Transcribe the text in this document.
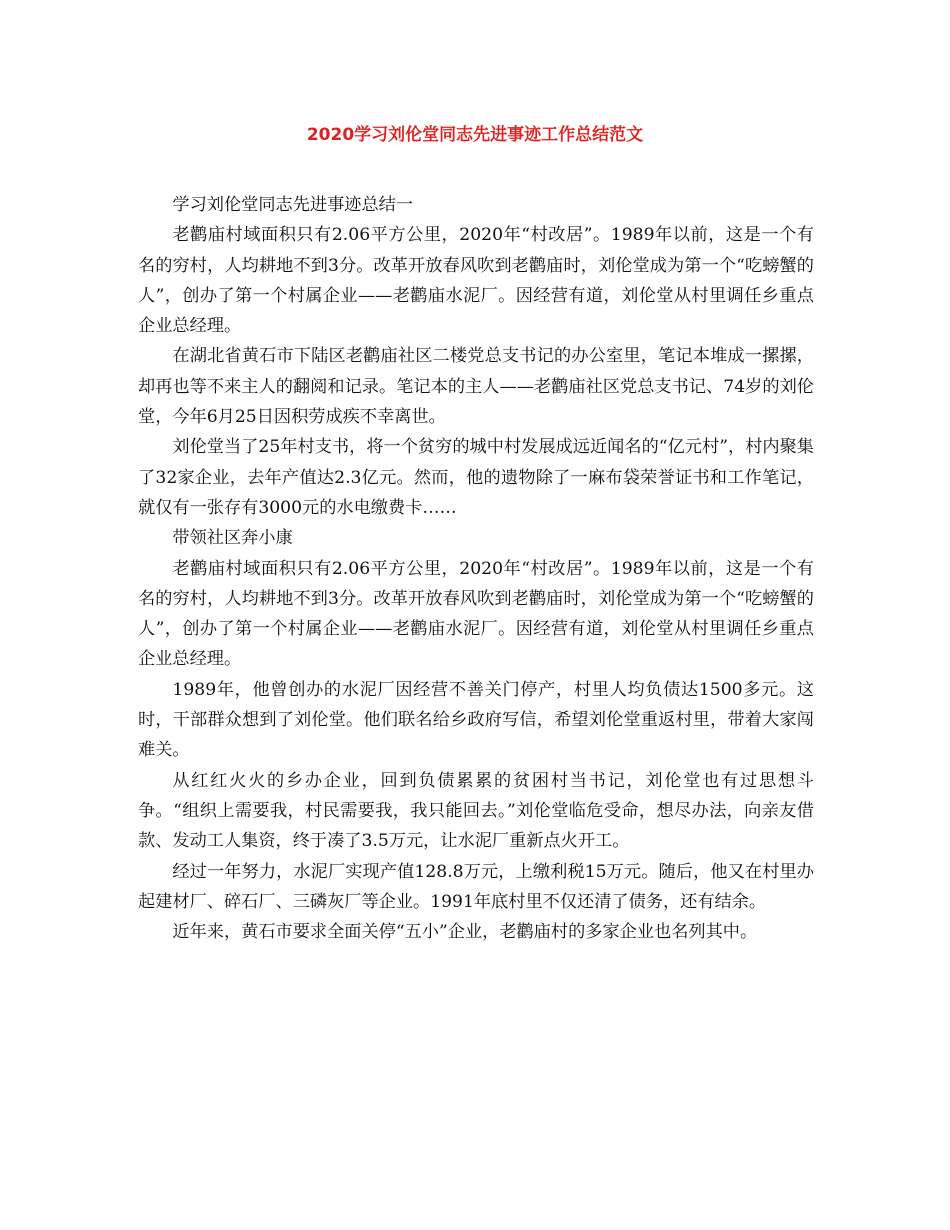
2020学习刘伦堂同志先进事迹工作总结范文

学习刘伦堂同志先进事迹总结一

老鹳庙村域面积只有2.06平方公里，2020年“村改居”。1989年以前，这是一个有名的穷村，人均耕地不到3分。改革开放春风吹到老鹳庙时，刘伦堂成为第一个“吃螃蟹的人”，创办了第一个村属企业——老鹳庙水泥厂。因经营有道，刘伦堂从村里调任乡重点企业总经理。

在湖北省黄石市下陆区老鹳庙社区二楼党总支书记的办公室里，笔记本堆成一摞摞，却再也等不来主人的翻阅和记录。笔记本的主人——老鹳庙社区党总支书记、74岁的刘伦堂，今年6月25日因积劳成疾不幸离世。

刘伦堂当了25年村支书，将一个贫穷的城中村发展成远近闻名的“亿元村”，村内聚集了32家企业，去年产值达2.3亿元。然而，他的遗物除了一麻布袋荣誉证书和工作笔记，就仅有一张存有3000元的水电缴费卡……

带领社区奔小康

老鹳庙村域面积只有2.06平方公里，2020年“村改居”。1989年以前，这是一个有名的穷村，人均耕地不到3分。改革开放春风吹到老鹳庙时，刘伦堂成为第一个“吃螃蟹的人”，创办了第一个村属企业——老鹳庙水泥厂。因经营有道，刘伦堂从村里调任乡重点企业总经理。

1989年，他曾创办的水泥厂因经营不善关门停产，村里人均负债达1500多元。这时，干部群众想到了刘伦堂。他们联名给乡政府写信，希望刘伦堂重返村里，带着大家闯难关。

从红红火火的乡办企业，回到负债累累的贫困村当书记，刘伦堂也有过思想斗争。“组织上需要我，村民需要我，我只能回去。”刘伦堂临危受命，想尽办法，向亲友借款、发动工人集资，终于凑了3.5万元，让水泥厂重新点火开工。

经过一年努力，水泥厂实现产值128.8万元，上缴利税15万元。随后，他又在村里办起建材厂、碎石厂、三磷灰厂等企业。1991年底村里不仅还清了债务，还有结余。

近年来，黄石市要求全面关停“五小”企业，老鹳庙村的多家企业也名列其中。
